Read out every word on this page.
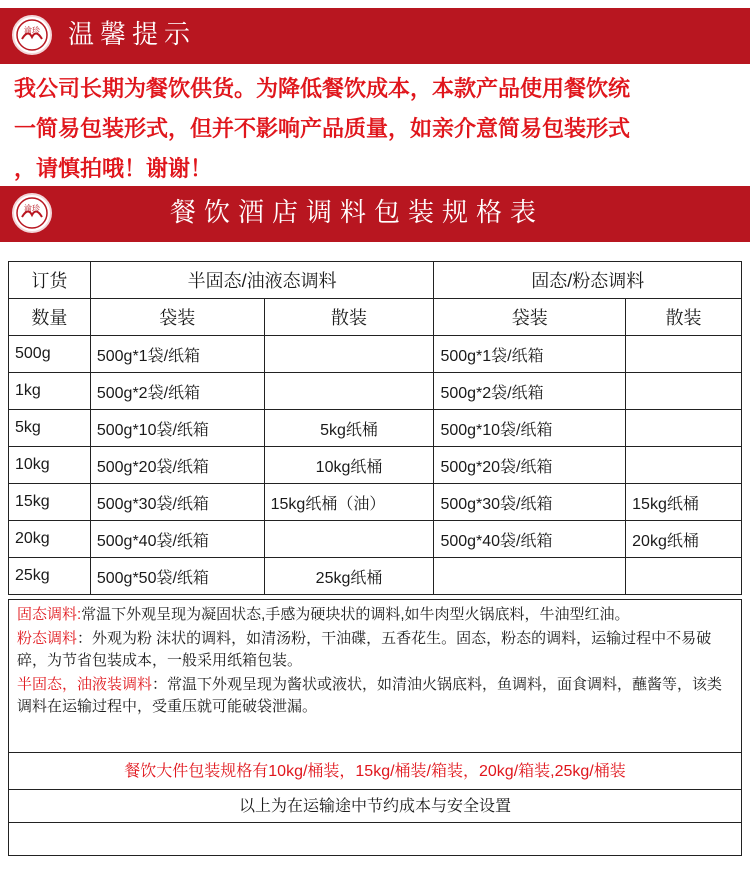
渝珍 温馨提示
我公司长期为餐饮供货。为降低餐饮成本，本款产品使用餐饮统
一简易包装形式，但并不影响产品质量，如亲介意简易包装形式
，请慎拍哦！谢谢！
渝珍	餐饮酒店调料包装规格表
订货	半固态/油液态调料		固态/粉态调料	
数量	袋装	散装	袋装	散装
500g	500g*1袋/纸箱		500g*1袋/纸箱	
1kg	500g*2袋/纸箱		500g*2袋/纸箱	
5kg	500g*10袋/纸箱	5kg纸桶	500g*10袋/纸箱	
10kg	500g*20袋/纸箱	10kg纸桶	500g*20袋/纸箱	
15kg	500g*30袋/纸箱	15kg纸桶（油）	500g*30袋/纸箱	15kg纸桶
20kg	500g*40袋/纸箱		500g*40袋/纸箱	20kg纸桶
25kg	500g*50袋/纸箱	25kg纸桶		

固态调料:常温下外观呈现为凝固状态,手感为硬块状的调料,如牛肉型火锅底料，牛油型红油。

粉态调料：外观为粉 沫状的调料，如清汤粉，干油碟，五香花生。固态，粉态的调料，运输过程中不易破碎，为节省包装成本，一般采用纸箱包装。

半固态，油液装调料：常温下外观呈现为酱状或液状，如清油火锅底料，鱼调料，面食调料，蘸酱等，该类调料在运输过程中，受重压就可能破袋泄漏。

餐饮大件包装规格有10kg/桶装，15kg/桶装/箱装，20kg/箱装,25kg/桶装
以上为在运输途中节约成本与安全设置
